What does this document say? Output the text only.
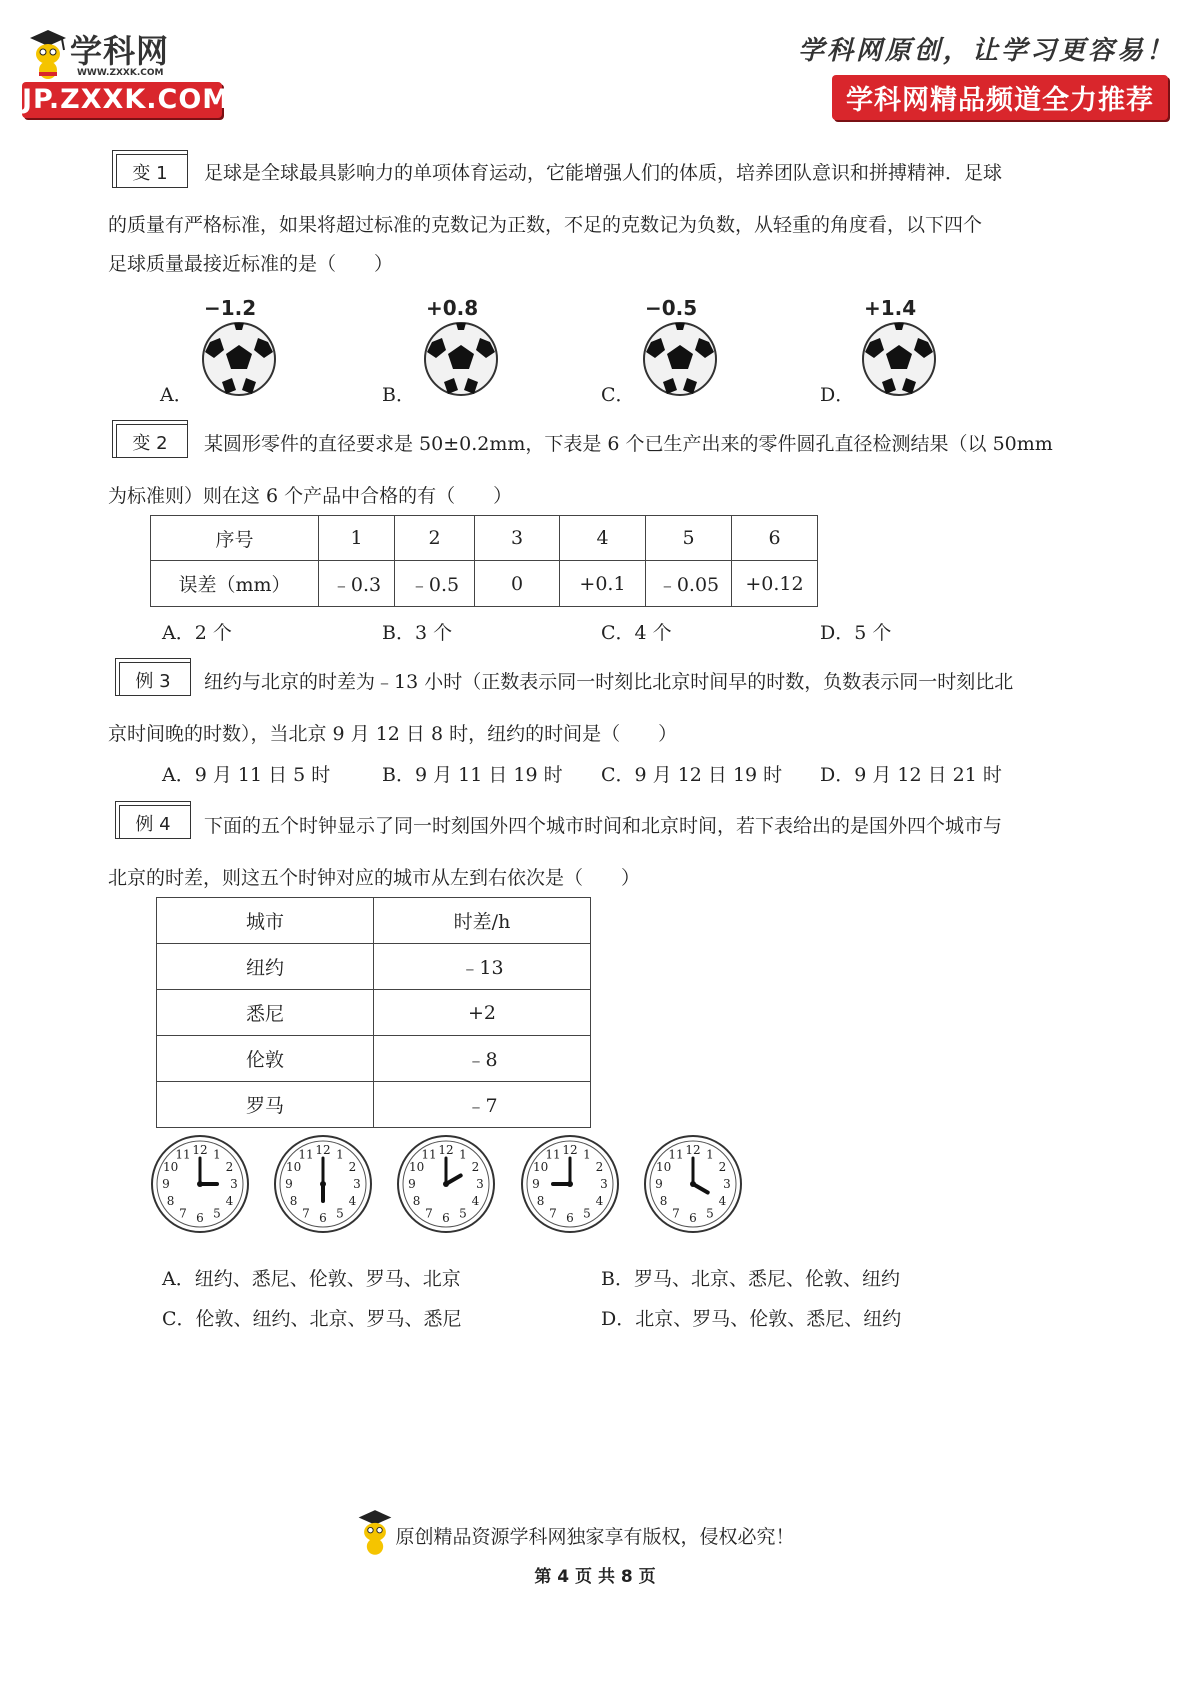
学科网
WWW.ZXXK.COM
JP.ZXXK.COM
学科网原创，让学习更容易！
学科网精品频道全力推荐
变 1	足球是全球最具影响力的单项体育运动，它能增强人们的体质，培养团队意识和拼搏精神．足球
的质量有严格标准，如果将超过标准的克数记为正数，不足的克数记为负数，从轻重的角度看，以下四个
足球质量最接近标准的是（　　）
A．
−1.2
B．
+0.8
C．
−0.5
D．
+1.4
变 2	某圆形零件的直径要求是 50±0.2mm，下表是 6 个已生产出来的零件圆孔直径检测结果（以 50mm
为标准则）则在这 6 个产品中合格的有（　　）
序号	1	2	3	4	5	6
误差（mm）	﹣0.3	﹣0.5	0	+0.1	﹣0.05	+0.12
A．2 个	B．3 个	C．4 个	D．5 个
例 3	纽约与北京的时差为﹣13 小时（正数表示同一时刻比北京时间早的时数，负数表示同一时刻比北
京时间晚的时数），当北京 9 月 12 日 8 时，纽约的时间是（　　）
A．9 月 11 日 5 时	B．9 月 11 日 19 时 C．9 月 12 日 19 时 D．9 月 12 日 21 时
例 4	下面的五个时钟显示了同一时刻国外四个城市时间和北京时间，若下表给出的是国外四个城市与
北京的时差，则这五个时钟对应的城市从左到右依次是（　　）
城市	时差/h
纽约	﹣13
悉尼	+2
伦敦	﹣8
罗马	﹣7
1
2
3
4
5
6
7
8
9
10
11 12	1
2
3
4
5
6
7
8
9
10
11 12	1
2
3
4
5
6
7
8
9
10
11 12	1
2
3
4
5
6
7
8
9
10
11 12	1
2
3
4
5
6
7
8
9
10
11 12
A．纽约、悉尼、伦敦、罗马、北京	B．罗马、北京、悉尼、伦敦、纽约
C．伦敦、纽约、北京、罗马、悉尼	D．北京、罗马、伦敦、悉尼、纽约
原创精品资源学科网独家享有版权，侵权必究！
第 4 页 共 8 页
